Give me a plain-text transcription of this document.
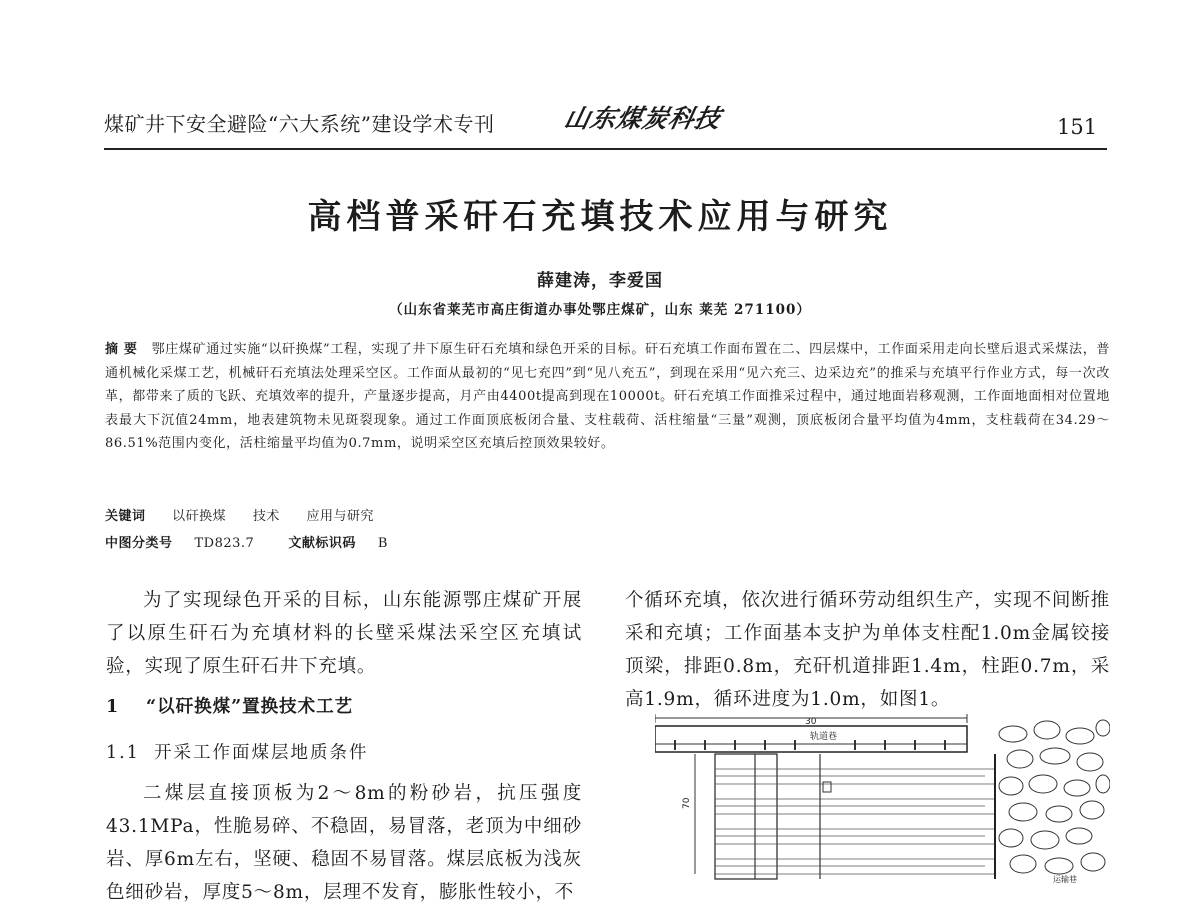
煤矿井下安全避险“六大系统”建设学术专刊	山东煤炭科技	151
高档普采矸石充填技术应用与研究
薛建涛，李爱国
（山东省莱芜市高庄街道办事处鄂庄煤矿，山东 莱芜 271100）
摘 要 鄂庄煤矿通过实施“以矸换煤”工程，实现了井下原生矸石充填和绿色开采的目标。矸石充填工作面布置在二、四层煤中，工作面采用走向长壁后退式采煤法，普通机械化采煤工艺，机械矸石充填法处理采空区。工作面从最初的“见七充四”到“见八充五”，到现在采用“见六充三、边采边充”的推采与充填平行作业方式，每一次改革，都带来了质的飞跃、充填效率的提升，产量逐步提高，月产由4400t提高到现在10000t。矸石充填工作面推采过程中，通过地面岩移观测，工作面地面相对位置地表最大下沉值24mm，地表建筑物未见斑裂现象。通过工作面顶底板闭合量、支柱载荷、活柱缩量“三量”观测，顶底板闭合量平均值为4mm，支柱载荷在34.29～86.51%范围内变化，活柱缩量平均值为0.7mm，说明采空区充填后控顶效果较好。
关键词 以矸换煤 技术 应用与研究
中图分类号 TD823.7	文献标识码 B

为了实现绿色开采的目标，山东能源鄂庄煤矿开展了以原生矸石为充填材料的长壁采煤法采空区充填试验，实现了原生矸石井下充填。

1 “以矸换煤”置换技术工艺
1.1 开采工作面煤层地质条件

二煤层直接顶板为2～8m的粉砂岩，抗压强度43.1MPa，性脆易碎、不稳固，易冒落，老顶为中细砂岩、厚6m左右，坚硬、稳固不易冒落。煤层底板为浅灰色细砂岩，厚度5～8m，层理不发育，膨胀性较小，不

个循环充填，依次进行循环劳动组织生产，实现不间断推采和充填；工作面基本支护为单体支柱配1.0m金属铰接顶梁，排距0.8m，充矸机道排距1.4m，柱距0.7m，采高1.9m，循环进度为1.0m，如图1。

30
轨道巷
70
运输巷
